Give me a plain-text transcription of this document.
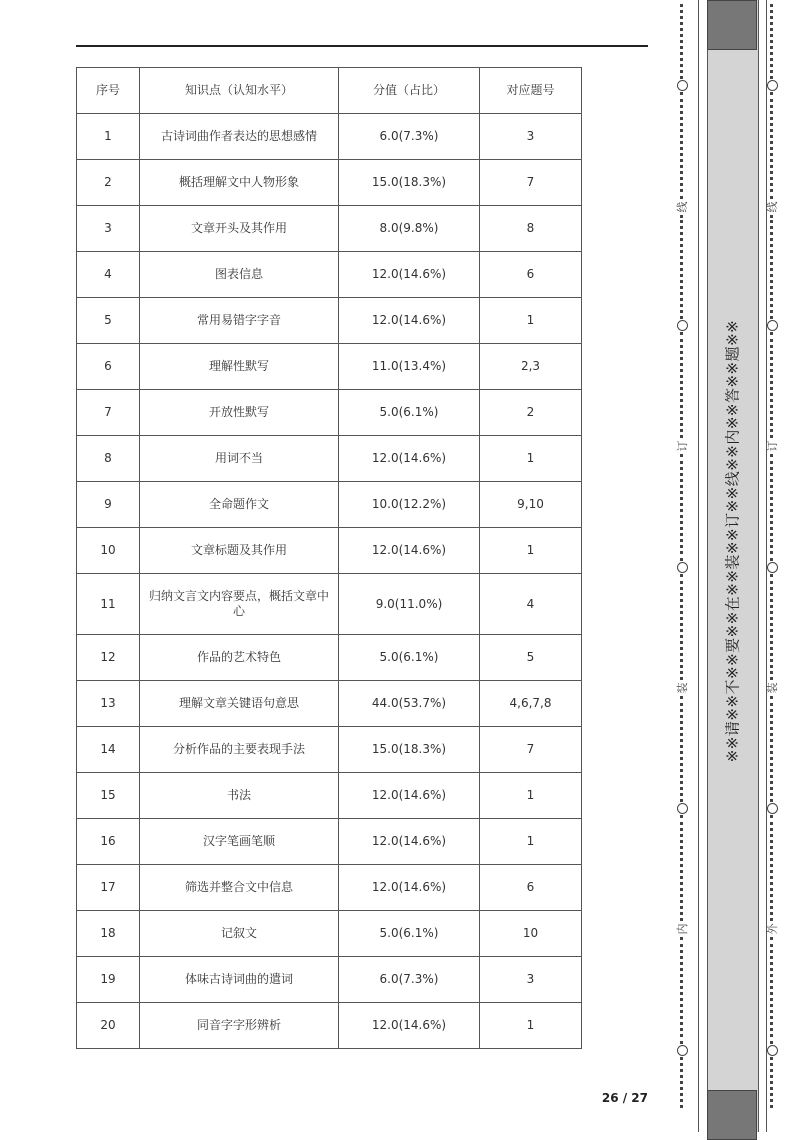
序号	知识点（认知水平）	分值（占比）	对应题号
1	古诗词曲作者表达的思想感情	6.0(7.3%)	3
2	概括理解文中人物形象	15.0(18.3%)	7
3	文章开头及其作用	8.0(9.8%)	8
4	图表信息	12.0(14.6%)	6
5	常用易错字字音	12.0(14.6%)	1
6	理解性默写	11.0(13.4%)	2,3
7	开放性默写	5.0(6.1%)	2
8	用词不当	12.0(14.6%)	1
9	全命题作文	10.0(12.2%)	9,10
10	文章标题及其作用	12.0(14.6%)	1
11	归纳文言文内容要点，概括文章中心	9.0(11.0%)	4
12	作品的艺术特色	5.0(6.1%)	5
13	理解文章关键语句意思	44.0(53.7%)	4,6,7,8
14	分析作品的主要表现手法	15.0(18.3%)	7
15	书法	12.0(14.6%)	1
16	汉字笔画笔顺	12.0(14.6%)	1
17	筛选并整合文中信息	12.0(14.6%)	6
18	记叙文	5.0(6.1%)	10
19	体味古诗词曲的遣词	6.0(7.3%)	3
20	同音字字形辨析	12.0(14.6%)	1
26 / 27
线
订
装
内
※※请※※不※※要※※在※※装※※订※※线※※内※※答※※题※※
线
订
装
外
